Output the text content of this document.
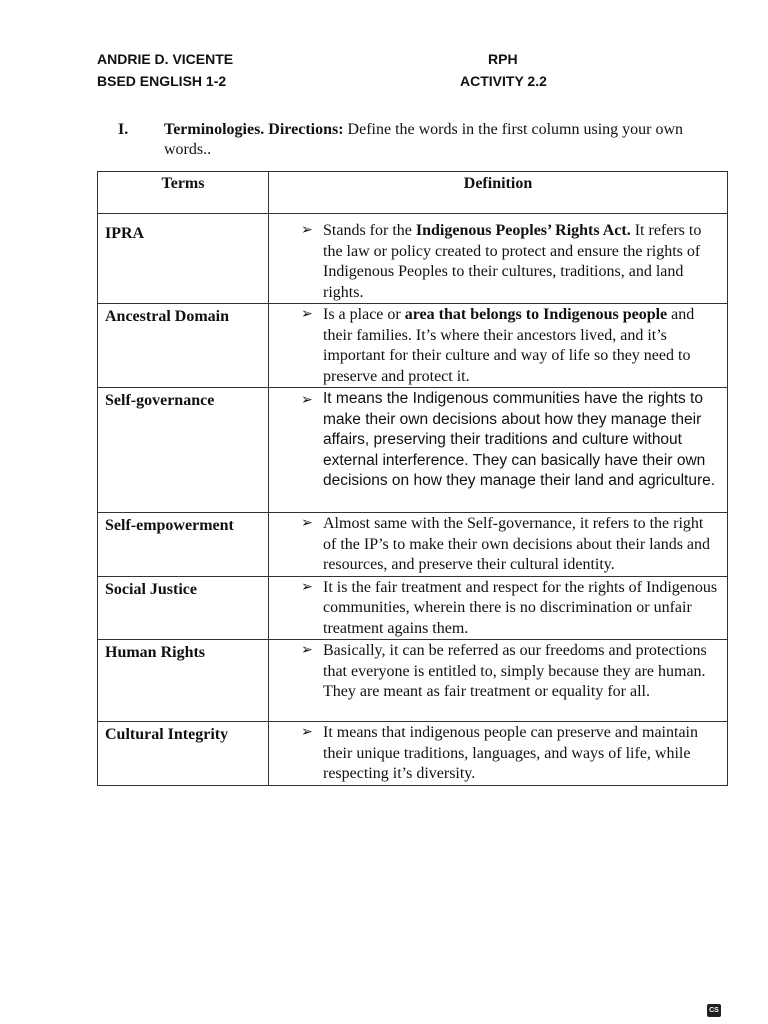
ANDRIE D. VICENTE
BSED ENGLISH 1-2
RPH
ACTIVITY 2.2
I. Terminologies. Directions: Define the words in the first column using your own words..
Terms	Definition
IPRA	➢ Stands for the Indigenous Peoples’ Rights Act. It refers to the law or policy created to protect and ensure the rights of Indigenous Peoples to their cultures, traditions, and land rights.

Ancestral Domain	➢ Is a place or area that belongs to Indigenous people and their families. It’s where their ancestors lived, and it’s important for their culture and way of life so they need to preserve and protect it.

Self-governance	➢ It means the Indigenous communities have the rights to make their own decisions about how they manage their affairs, preserving their traditions and culture without external interference. They can basically have their own decisions on how they manage their land and agriculture.

Self-empowerment	➢ Almost same with the Self-governance, it refers to the right of the IP’s to make their own decisions about their lands and resources, and preserve their cultural identity.

Social Justice	➢ It is the fair treatment and respect for the rights of Indigenous communities, wherein there is no discrimination or unfair treatment agains them.

Human Rights	➢ Basically, it can be referred as our freedoms and protections that everyone is entitled to, simply because they are human. They are meant as fair treatment or equality for all.

Cultural Integrity	➢ It means that indigenous people can preserve and maintain their unique traditions, languages, and ways of life, while respecting it’s diversity.
CS
